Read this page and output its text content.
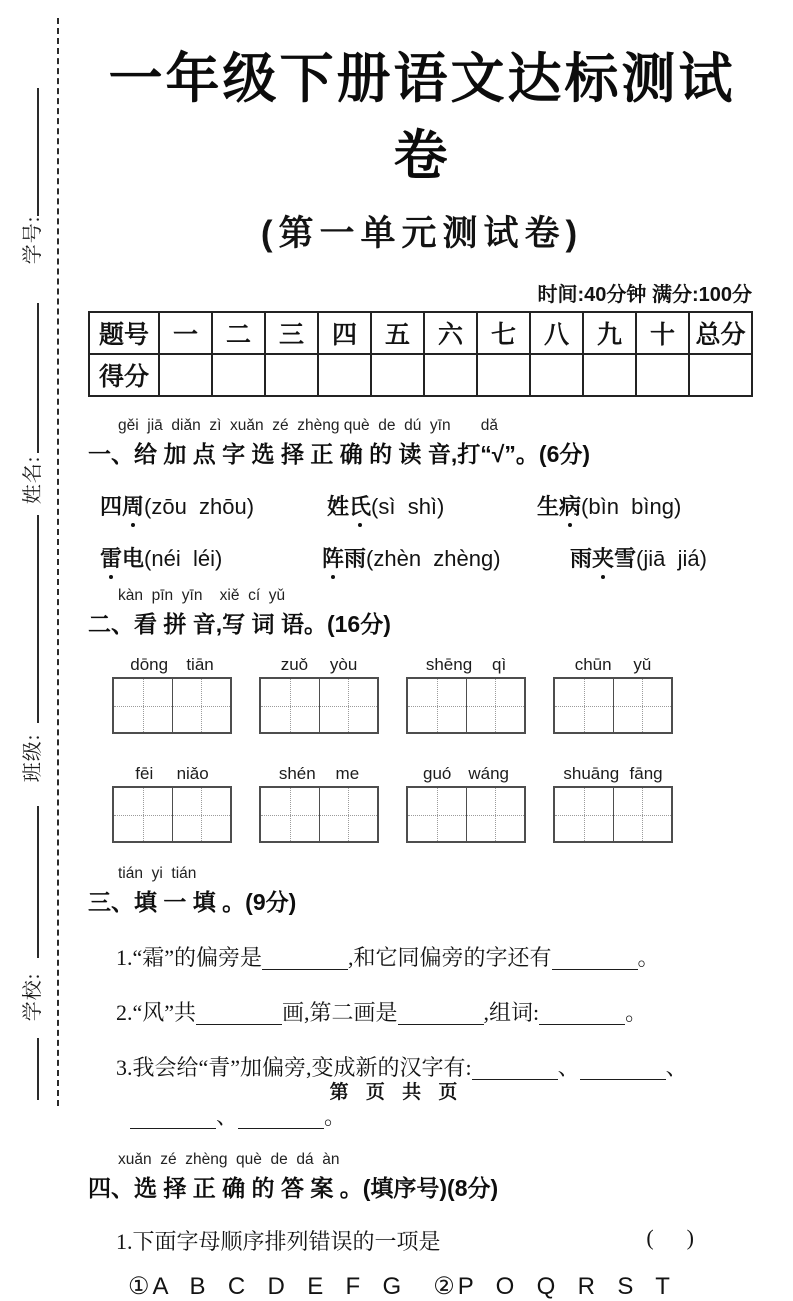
学号:
姓名:
班级:
学校:
一年级下册语文达标测试卷
(第一单元测试卷)
时间:40分钟 满分:100分
题号	一	二	三	四	五	六	七	八	九	十	总分
得分											
gěi  jiā  diǎn  zì  xuǎn  zé  zhèng què  de  dú  yīn       dǎ
一、给 加 点 字 选 择 正 确 的 读 音,打“√”。(6分)
四周(zōu  zhōu)	姓氏(sì  shì)	生病(bìn  bìng)
雷电(néi  léi)	阵雨(zhèn  zhèng)	雨夹雪(jiā  jiá)
kàn  pīn  yīn    xiě  cí  yǔ
二、看 拼 音,写 词 语。(16分)
dōng tiān	zuǒ yòu	shēng qì	chūn yǔ
fēi niǎo	shén me	guó wáng	shuāng fāng
tián  yi  tián
三、填 一 填 。(9分)
1.“霜”的偏旁是	,和它同偏旁的字还有	。
2.“风”共	画,第二画是	,组词:	。
3.我会给“青”加偏旁,变成新的汉字有:	、	、
、	。
xuǎn  zé  zhèng  què  de  dá  àn
四、选 择 正 确 的 答 案 。(填序号)(8分)
1.下面字母顺序排列错误的一项是	(      )
①A  B  C  D  E  F  G   ②P  O  Q  R  S  T
第 页 共 页
